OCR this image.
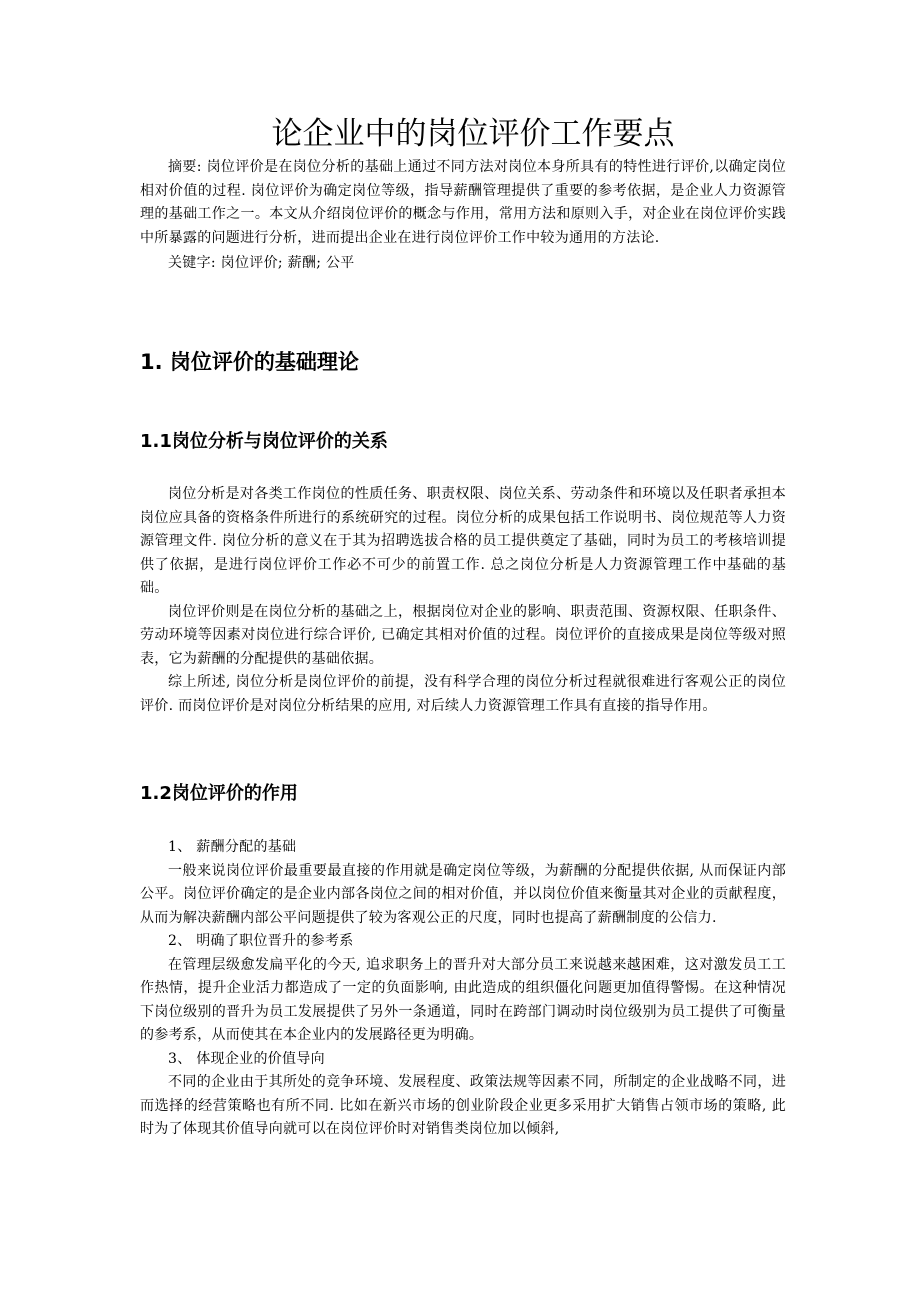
论企业中的岗位评价工作要点

摘要: 岗位评价是在岗位分析的基础上通过不同方法对岗位本身所具有的特性进行评价,以确定岗位相对价值的过程. 岗位评价为确定岗位等级，指导薪酬管理提供了重要的参考依据，是企业人力资源管理的基础工作之一。本文从介绍岗位评价的概念与作用，常用方法和原则入手，对企业在岗位评价实践中所暴露的问题进行分析，进而提出企业在进行岗位评价工作中较为通用的方法论.

关键字: 岗位评价; 薪酬; 公平

1. 岗位评价的基础理论
1.1岗位分析与岗位评价的关系

岗位分析是对各类工作岗位的性质任务、职责权限、岗位关系、劳动条件和环境以及任职者承担本岗位应具备的资格条件所进行的系统研究的过程。岗位分析的成果包括工作说明书、岗位规范等人力资源管理文件. 岗位分析的意义在于其为招聘选拔合格的员工提供奠定了基础，同时为员工的考核培训提供了依据，是进行岗位评价工作必不可少的前置工作. 总之岗位分析是人力资源管理工作中基础的基础。

岗位评价则是在岗位分析的基础之上，根据岗位对企业的影响、职责范围、资源权限、任职条件、劳动环境等因素对岗位进行综合评价, 已确定其相对价值的过程。岗位评价的直接成果是岗位等级对照表，它为薪酬的分配提供的基础依据。

综上所述, 岗位分析是岗位评价的前提，没有科学合理的岗位分析过程就很难进行客观公正的岗位评价. 而岗位评价是对岗位分析结果的应用, 对后续人力资源管理工作具有直接的指导作用。

1.2岗位评价的作用

1、 薪酬分配的基础

一般来说岗位评价最重要最直接的作用就是确定岗位等级，为薪酬的分配提供依据, 从而保证内部公平。岗位评价确定的是企业内部各岗位之间的相对价值，并以岗位价值来衡量其对企业的贡献程度，从而为解决薪酬内部公平问题提供了较为客观公正的尺度，同时也提高了薪酬制度的公信力.

2、 明确了职位晋升的参考系

在管理层级愈发扁平化的今天, 追求职务上的晋升对大部分员工来说越来越困难，这对激发员工工作热情，提升企业活力都造成了一定的负面影响, 由此造成的组织僵化问题更加值得警惕。在这种情况下岗位级别的晋升为员工发展提供了另外一条通道，同时在跨部门调动时岗位级别为员工提供了可衡量的参考系，从而使其在本企业内的发展路径更为明确。

3、 体现企业的价值导向

不同的企业由于其所处的竞争环境、发展程度、政策法规等因素不同，所制定的企业战略不同，进而选择的经营策略也有所不同. 比如在新兴市场的创业阶段企业更多采用扩大销售占领市场的策略, 此时为了体现其价值导向就可以在岗位评价时对销售类岗位加以倾斜,
